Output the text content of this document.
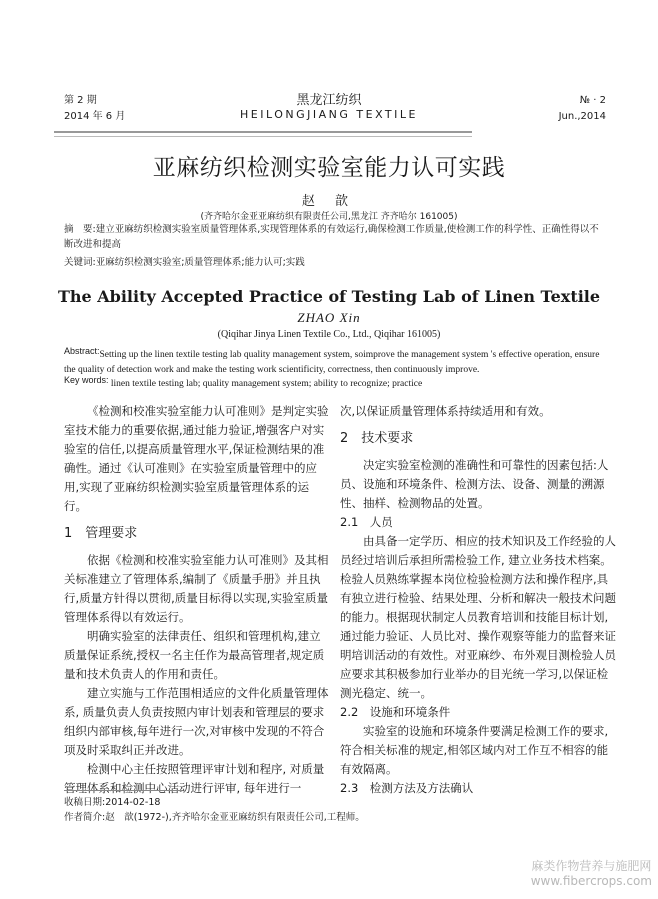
第 2 期
2014 年 6 月
黑龙江纺织
HEILONGJIANG TEXTILE
№ · 2
Jun.,2014
亚麻纺织检测实验室能力认可实践
赵 歆
(齐齐哈尔金亚亚麻纺织有限责任公司,黑龙江 齐齐哈尔 161005)
摘　要:建立亚麻纺织检测实验室质量管理体系,实现管理体系的有效运行,确保检测工作质量,使检测工作的科学性、正确性得以不断改进和提高
关键词:亚麻纺织检测实验室;质量管理体系;能力认可;实践
The Ability Accepted Practice of Testing Lab of Linen Textile
ZHAO Xin
(Qiqihar Jinya Linen Textile Co., Ltd., Qiqihar 161005)
Abstract:Setting up the linen textile testing lab quality management system, soimprove the management system 's effective operation, ensure the quality of detection work and make the testing work scientificity, correctness, then continuously improve.
Key words: linen textile testing lab; quality management system; ability to recognize; practice

《检测和校准实验室能力认可准则》是判定实验室技术能力的重要依据,通过能力验证,增强客户对实验室的信任,以提高质量管理水平,保证检测结果的准确性。通过《认可准则》在实验室质量管理中的应用,实现了亚麻纺织检测实验室质量管理体系的运行。

1　管理要求

依据《检测和校准实验室能力认可准则》及其相关标准建立了管理体系,编制了《质量手册》并且执行,质量方针得以贯彻,质量目标得以实现,实验室质量管理体系得以有效运行。

明确实验室的法律责任、组织和管理机构,建立质量保证系统,授权一名主任作为最高管理者,规定质量和技术负责人的作用和责任。

建立实施与工作范围相适应的文件化质量管理体系, 质量负责人负责按照内审计划表和管理层的要求组织内部审核,每年进行一次,对审核中发现的不符合项及时采取纠正并改进。

检测中心主任按照管理评审计划和程序, 对质量管理体系和检测中心活动进行评审, 每年进行一

次,以保证质量管理体系持续适用和有效。
2　技术要求

决定实验室检测的准确性和可靠性的因素包括:人员、设施和环境条件、检测方法、设备、测量的溯源性、抽样、检测物品的处置。

2.1　人员

由具备一定学历、相应的技术知识及工作经验的人员经过培训后承担所需检验工作, 建立业务技术档案。检验人员熟练掌握本岗位检验检测方法和操作程序,具有独立进行检验、结果处理、分析和解决一般技术问题的能力。根据现状制定人员教育培训和技能目标计划,通过能力验证、人员比对、操作观察等能力的监督来证明培训活动的有效性。对亚麻纱、布外观目测检验人员应要求其积极参加行业举办的目光统一学习,以保证检测光稳定、统一。

2.2　设施和环境条件

实验室的设施和环境条件要满足检测工作的要求,符合相关标准的规定,相邻区域内对工作互不相容的能有效隔离。

2.3　检测方法及方法确认
收稿日期:2014-02-18
作者简介:赵　歆(1972-),齐齐哈尔金亚亚麻纺织有限责任公司,工程师。
麻类作物营养与施肥网
www.fibercrops.com
